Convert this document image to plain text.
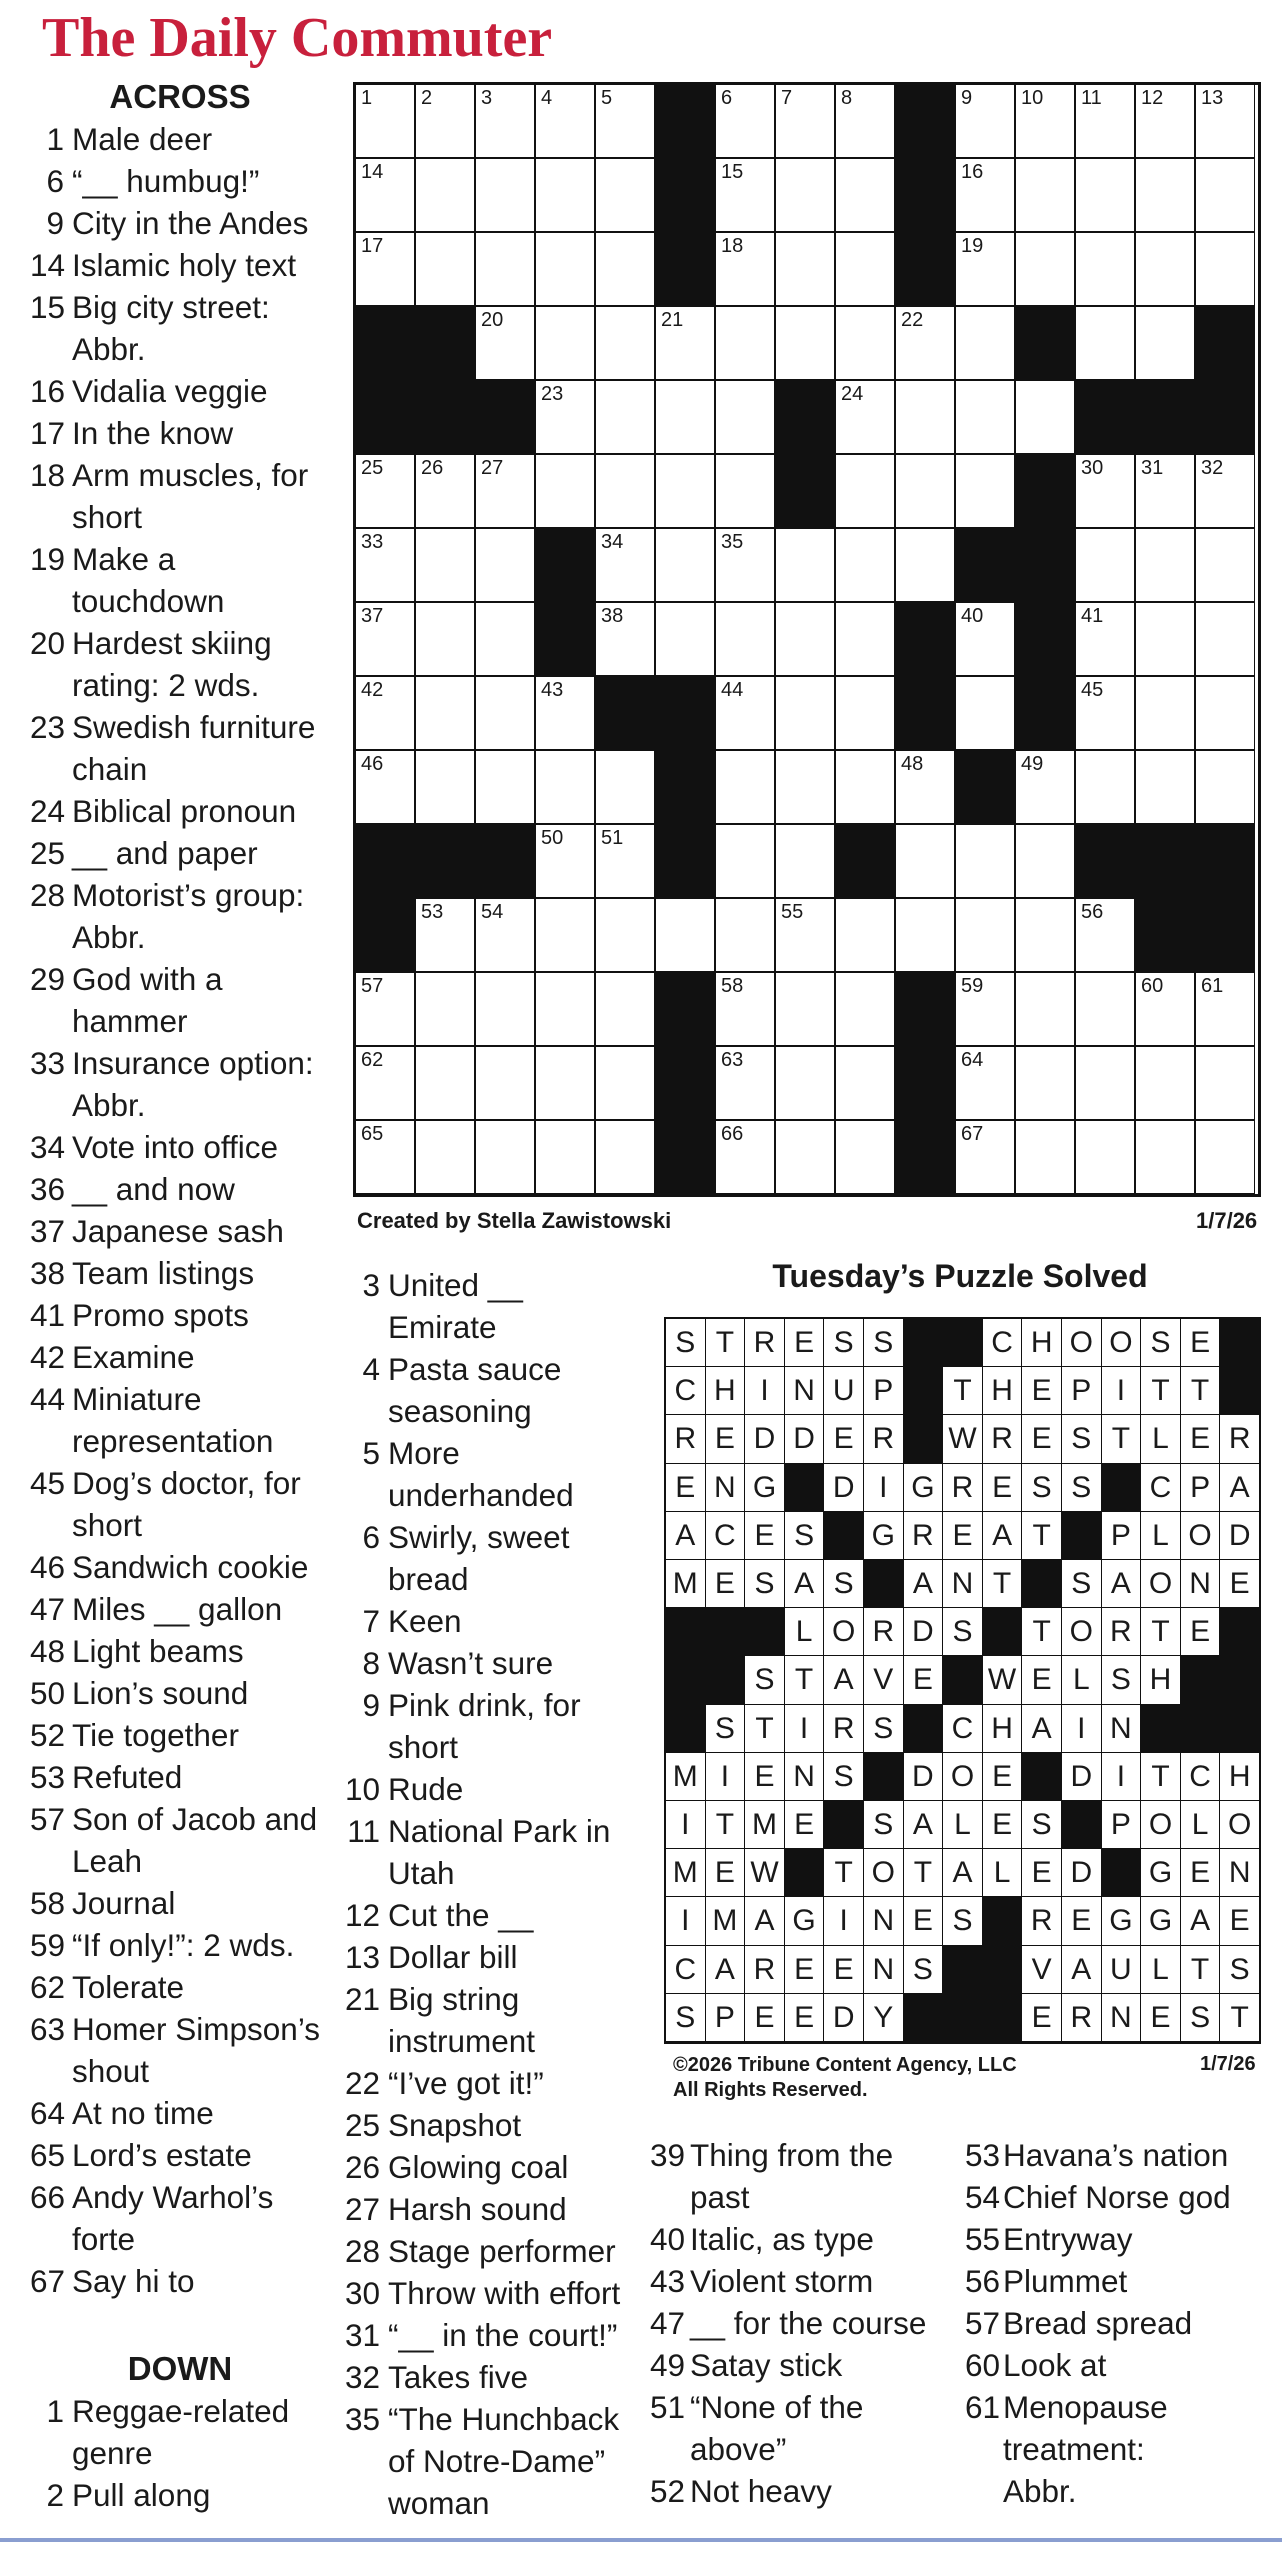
The Daily Commuter
ACROSS
1 Male deer
6 “__ humbug!”
9 City in the Andes
14 Islamic holy text
15 Big city street:
Abbr.
16 Vidalia veggie
17 In the know
18 Arm muscles, for
short
19 Make a
touchdown
20 Hardest skiing
rating: 2 wds.
23 Swedish furniture
chain
24 Biblical pronoun
25 __ and paper
28 Motorist’s group:
Abbr.
29 God with a
hammer
33 Insurance option:
Abbr.
34 Vote into office
36 __ and now
37 Japanese sash
38 Team listings
41 Promo spots
42 Examine
44 Miniature
representation
45 Dog’s doctor, for
short
46 Sandwich cookie
47 Miles __ gallon
48 Light beams
50 Lion’s sound
52 Tie together
53 Refuted
57 Son of Jacob and
Leah
58 Journal
59 “If only!”: 2 wds.
62 Tolerate
63 Homer Simpson’s
shout
64 At no time
65 Lord’s estate
66 Andy Warhol’s
forte
67 Say hi to
DOWN
1 Reggae-related
genre
2 Pull along
3 United __
Emirate
4 Pasta sauce
seasoning
5 More
underhanded
6 Swirly, sweet
bread
7 Keen
8 Wasn’t sure
9 Pink drink, for
short
10 Rude
11 National Park in
Utah
12 Cut the __
13 Dollar bill
21 Big string
instrument
22 “I’ve got it!”
25 Snapshot
26 Glowing coal
27 Harsh sound
28 Stage performer
30 Throw with effort
31 “__ in the court!”
32 Takes five
35 “The Hunchback
of Notre-Dame”
woman
39 Thing from the
past
40 Italic, as type
43 Violent storm
47 __ for the course
49 Satay stick
51 “None of the
above”
52 Not heavy
53 Havana’s nation
54 Chief Norse god
55 Entryway
56 Plummet
57 Bread spread
60 Look at
61 Menopause
treatment:
Abbr.
1 2 3 4 5	6 7 8	9 10 11 12 13
14	15	16
17	18	19
20	21	22
23	24
25 26 27	30 31 32
33	34	35
37	38	40	41
42	43	44	45
46	48	49
50 51
53 54	55	56
57	58	59	60 61
62	63	64
65	66	67
Created by Stella Zawistowski	1/7/26
Tuesday’s Puzzle Solved
S T R E S S	C H O O S E
C H I N U P	T H E P I T T
R E D D E R	W R E S T L E R
E N G	D I G R E S S	C P A
A C E S	G R E A T	P L O D
M E S A S	A N T	S A O N E
L O R D S	T O R T E
S T A V E	W E L S H
S T I R S	C H A I N
M I E N S	D O E	D I T C H
I T M E	S A L E S	P O L O
M E W	T O T A L E D	G E N
I M A G I N E S	R E G G A E
C A R E E N S	V A U L T S
S P E E D Y	E R N E S T
©2026 Tribune Content Agency, LLC
All Rights Reserved.
1/7/26
